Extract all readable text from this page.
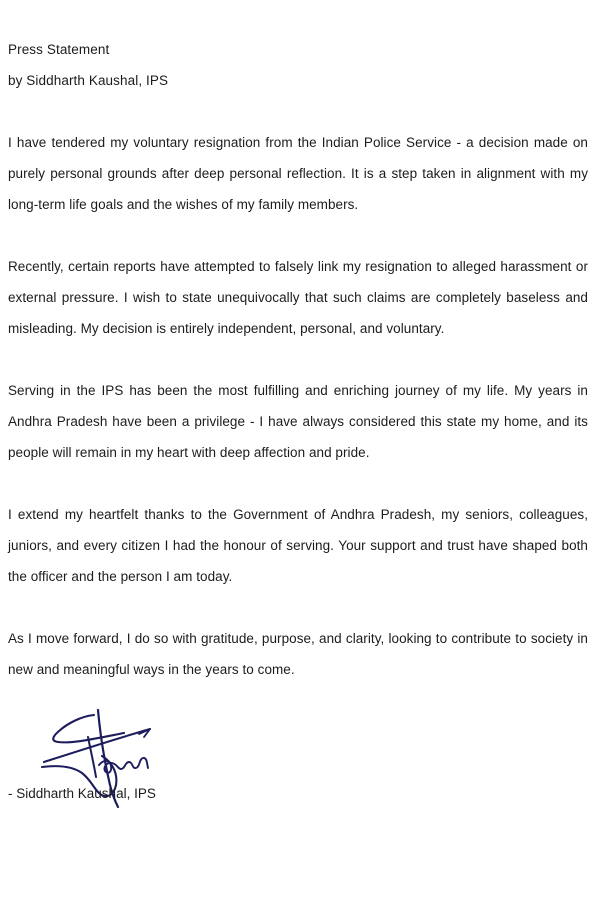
Press Statement
by Siddharth Kaushal, IPS

I have tendered my voluntary resignation from the Indian Police Service - a decision made on purely personal grounds after deep personal reflection. It is a step taken in alignment with my long-term life goals and the wishes of my family members.

Recently, certain reports have attempted to falsely link my resignation to alleged harassment or external pressure. I wish to state unequivocally that such claims are completely baseless and misleading. My decision is entirely independent, personal, and voluntary.

Serving in the IPS has been the most fulfilling and enriching journey of my life. My years in Andhra Pradesh have been a privilege - I have always considered this state my home, and its people will remain in my heart with deep affection and pride.

I extend my heartfelt thanks to the Government of Andhra Pradesh, my seniors, colleagues, juniors, and every citizen I had the honour of serving. Your support and trust have shaped both the officer and the person I am today.

As I move forward, I do so with gratitude, purpose, and clarity, looking to contribute to society in new and meaningful ways in the years to come.

- Siddharth Kaushal, IPS
